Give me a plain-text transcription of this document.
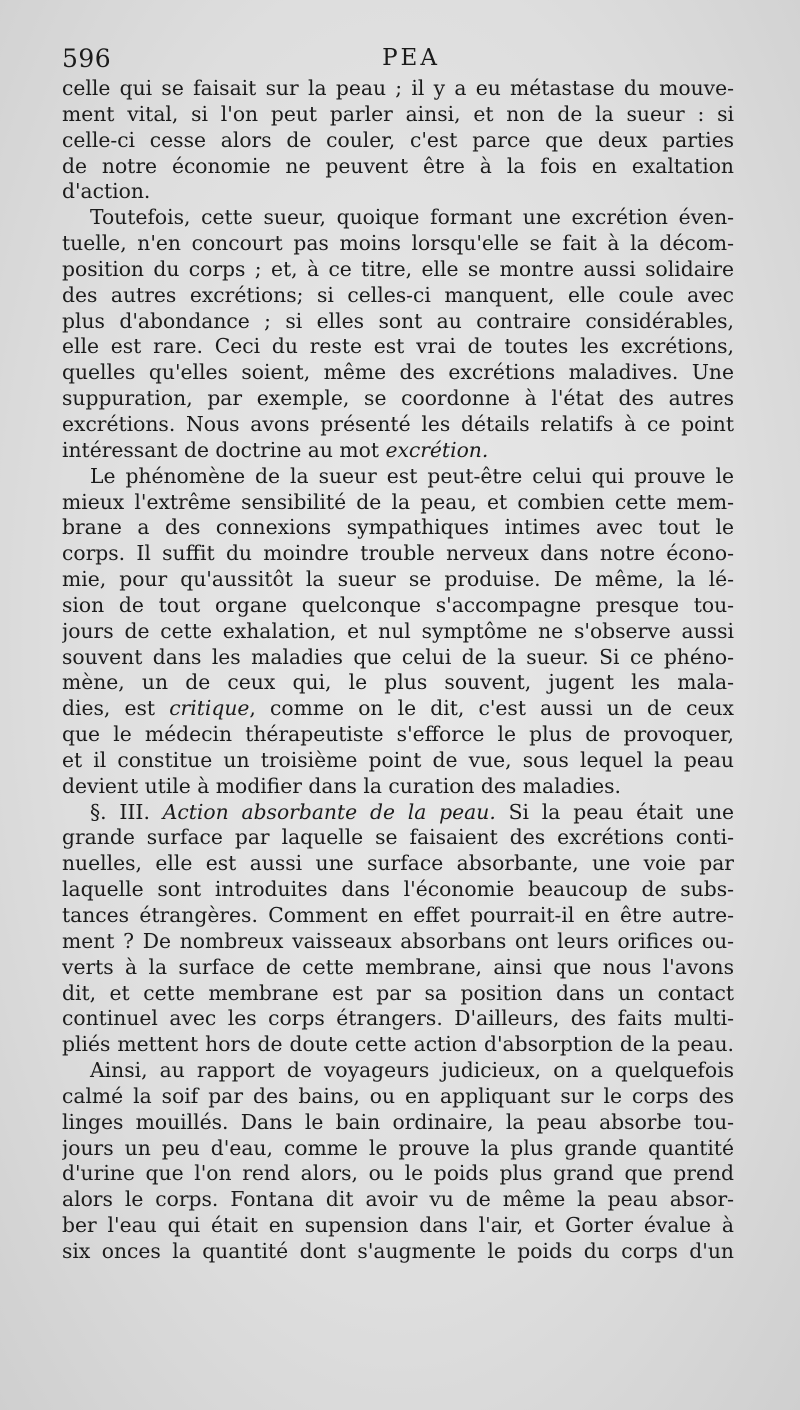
596	PEA
celle qui se faisait sur la peau ; il y a eu métastase du mouve-
ment vital, si l'on peut parler ainsi, et non de la sueur : si
celle-ci cesse alors de couler, c'est parce que deux parties
de notre économie ne peuvent être à la fois en exaltation
d'action.
Toutefois, cette sueur, quoique formant une excrétion éven-
tuelle, n'en concourt pas moins lorsqu'elle se fait à la décom-
position du corps ; et, à ce titre, elle se montre aussi solidaire
des autres excrétions; si celles-ci manquent, elle coule avec
plus d'abondance ; si elles sont au contraire considérables,
elle est rare. Ceci du reste est vrai de toutes les excrétions,
quelles qu'elles soient, même des excrétions maladives. Une
suppuration, par exemple, se coordonne à l'état des autres
excrétions. Nous avons présenté les détails relatifs à ce point
intéressant de doctrine au mot excrétion.
Le phénomène de la sueur est peut-être celui qui prouve le
mieux l'extrême sensibilité de la peau, et combien cette mem-
brane a des connexions sympathiques intimes avec tout le
corps. Il suffit du moindre trouble nerveux dans notre écono-
mie, pour qu'aussitôt la sueur se produise. De même, la lé-
sion de tout organe quelconque s'accompagne presque tou-
jours de cette exhalation, et nul symptôme ne s'observe aussi
souvent dans les maladies que celui de la sueur. Si ce phéno-
mène, un de ceux qui, le plus souvent, jugent les mala-
dies, est critique, comme on le dit, c'est aussi un de ceux
que le médecin thérapeutiste s'efforce le plus de provoquer,
et il constitue un troisième point de vue, sous lequel la peau
devient utile à modifier dans la curation des maladies.
§. III. Action absorbante de la peau. Si la peau était une
grande surface par laquelle se faisaient des excrétions conti-
nuelles, elle est aussi une surface absorbante, une voie par
laquelle sont introduites dans l'économie beaucoup de subs-
tances étrangères. Comment en effet pourrait-il en être autre-
ment ? De nombreux vaisseaux absorbans ont leurs orifices ou-
verts à la surface de cette membrane, ainsi que nous l'avons
dit, et cette membrane est par sa position dans un contact
continuel avec les corps étrangers. D'ailleurs, des faits multi-
pliés mettent hors de doute cette action d'absorption de la peau.
Ainsi, au rapport de voyageurs judicieux, on a quelquefois
calmé la soif par des bains, ou en appliquant sur le corps des
linges mouillés. Dans le bain ordinaire, la peau absorbe tou-
jours un peu d'eau, comme le prouve la plus grande quantité
d'urine que l'on rend alors, ou le poids plus grand que prend
alors le corps. Fontana dit avoir vu de même la peau absor-
ber l'eau qui était en supension dans l'air, et Gorter évalue à
six onces la quantité dont s'augmente le poids du corps d'un
